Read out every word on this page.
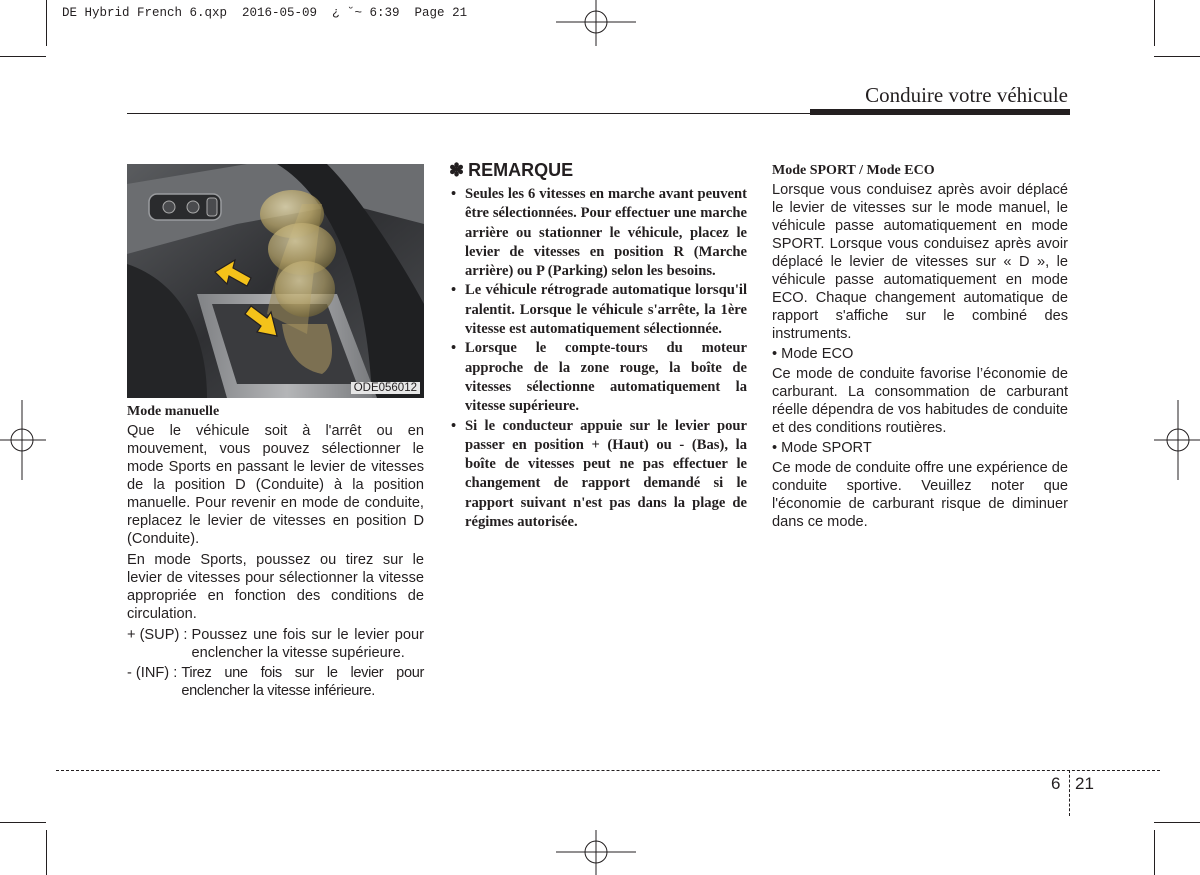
DE Hybrid French 6.qxp  2016-05-09  ¿ ˘~ 6:39  Page 21
Conduire votre véhicule
ODE056012
Mode manuelle

Que le véhicule soit à l'arrêt ou en mouvement, vous pouvez sélectionner le mode Sports en passant le levier de vitesses de la position D (Conduite) à la position manuelle. Pour revenir en mode de conduite, replacez le levier de vitesses en position D (Conduite).

En mode Sports, poussez ou tirez sur le levier de vitesses pour sélectionner la vitesse appropriée en fonction des conditions de circulation.

+ (SUP) : Poussez une fois sur le levier pour enclencher la vitesse supérieure.
- (INF) : Tirez une fois sur le levier pour enclencher la vitesse inférieure.
✽ REMARQUE
• Seules les 6 vitesses en marche avant peuvent être sélectionnées. Pour effectuer une marche arrière ou stationner le véhicule, placez le levier de vitesses en position R (Marche arrière) ou P (Parking) selon les besoins.
• Le véhicule rétrograde automatique lorsqu'il ralentit. Lorsque le véhicule s'arrête, la 1ère vitesse est automatiquement sélectionnée.
• Lorsque le compte-tours du moteur approche de la zone rouge, la boîte de vitesses sélectionne automatiquement la vitesse supérieure.
• Si le conducteur appuie sur le levier pour passer en position + (Haut) ou - (Bas), la boîte de vitesses peut ne pas effectuer le changement de rapport demandé si le rapport suivant n'est pas dans la plage de régimes autorisée.
Mode SPORT / Mode ECO

Lorsque vous conduisez après avoir déplacé le levier de vitesses sur le mode manuel, le véhicule passe automatiquement en mode SPORT. Lorsque vous conduisez après avoir déplacé le levier de vitesses sur « D », le véhicule passe automatiquement en mode ECO. Chaque changement automatique de rapport s'affiche sur le combiné des instruments.

• Mode ECO

Ce mode de conduite favorise l’économie de carburant. La consommation de carburant réelle dépendra de vos habitudes de conduite et des conditions routières.

• Mode SPORT

Ce mode de conduite offre une expérience de conduite sportive. Veuillez noter que l'économie de carburant risque de diminuer dans ce mode.

6 21
